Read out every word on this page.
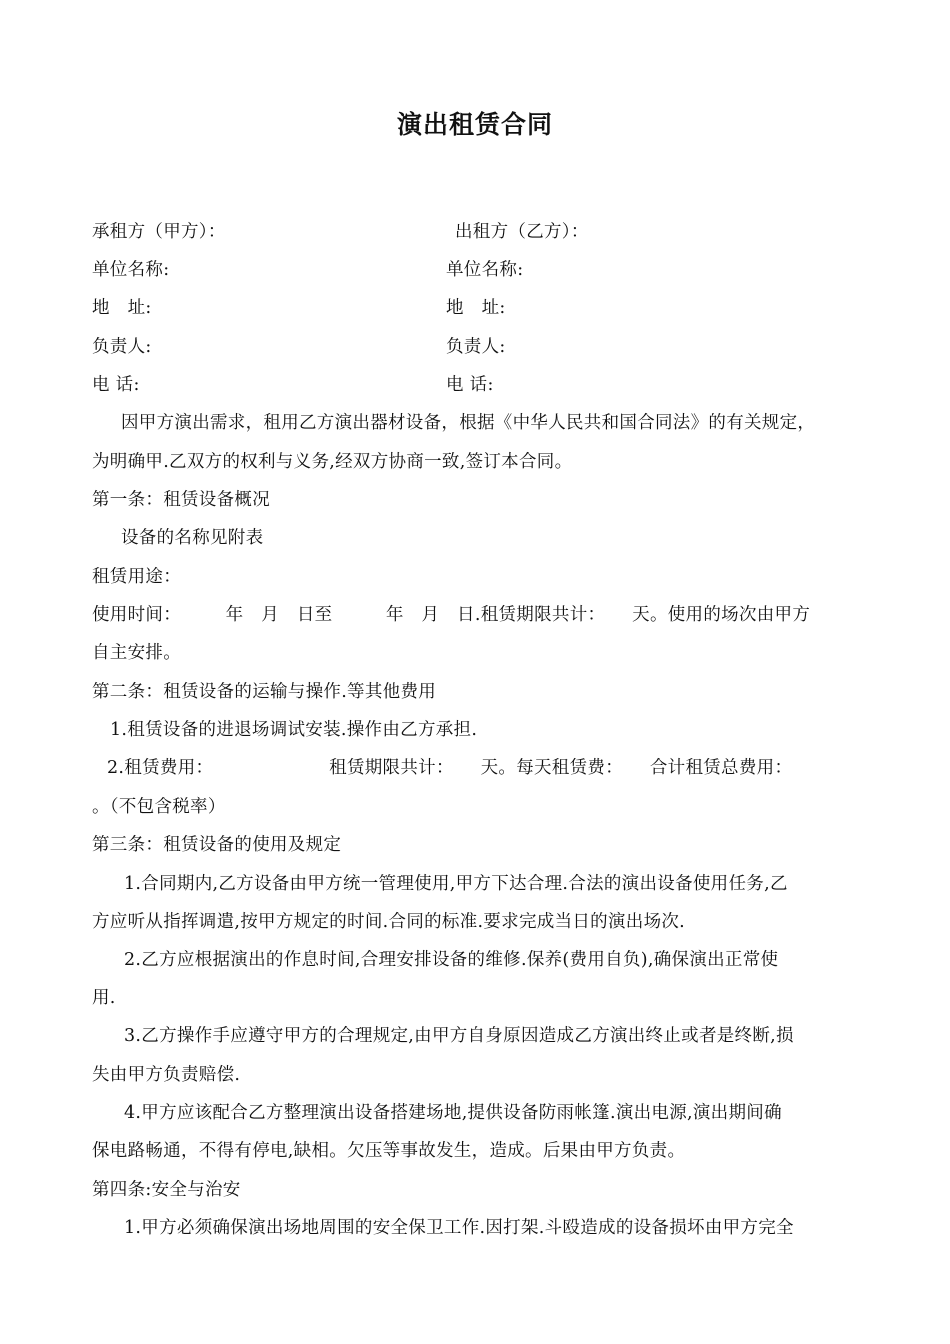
演出租赁合同
承租方（甲方）：	出租方（乙方）：
单位名称:	单位名称:
地　址:	地　址:
负责人:	负责人:
电 话:	电 话:
因甲方演出需求，租用乙方演出器材设备，根据《中华人民共和国合同法》的有关规定，
为明确甲.乙双方的权利与义务,经双方协商一致,签订本合同。
第一条：租赁设备概况
设备的名称见附表
租赁用途：
使用时间：　　　年　月　日至　　　年　月　日.租赁期限共计：　　天。使用的场次由甲方
自主安排。
第二条：租赁设备的运输与操作.等其他费用
1.租赁设备的进退场调试安装.操作由乙方承担.
2.租赁费用：　　　　　　　租赁期限共计：　　天。每天租赁费：　　合计租赁总费用：
。（不包含税率）
第三条：租赁设备的使用及规定
1.合同期内,乙方设备由甲方统一管理使用,甲方下达合理.合法的演出设备使用任务,乙
方应听从指挥调遣,按甲方规定的时间.合同的标准.要求完成当日的演出场次.
2.乙方应根据演出的作息时间,合理安排设备的维修.保养(费用自负),确保演出正常使
用.
3.乙方操作手应遵守甲方的合理规定,由甲方自身原因造成乙方演出终止或者是终断,损
失由甲方负责赔偿.
4.甲方应该配合乙方整理演出设备搭建场地,提供设备防雨帐篷.演出电源,演出期间确
保电路畅通，不得有停电,缺相。欠压等事故发生，造成。后果由甲方负责。
第四条:安全与治安
1.甲方必须确保演出场地周围的安全保卫工作.因打架.斗殴造成的设备损坏由甲方完全
